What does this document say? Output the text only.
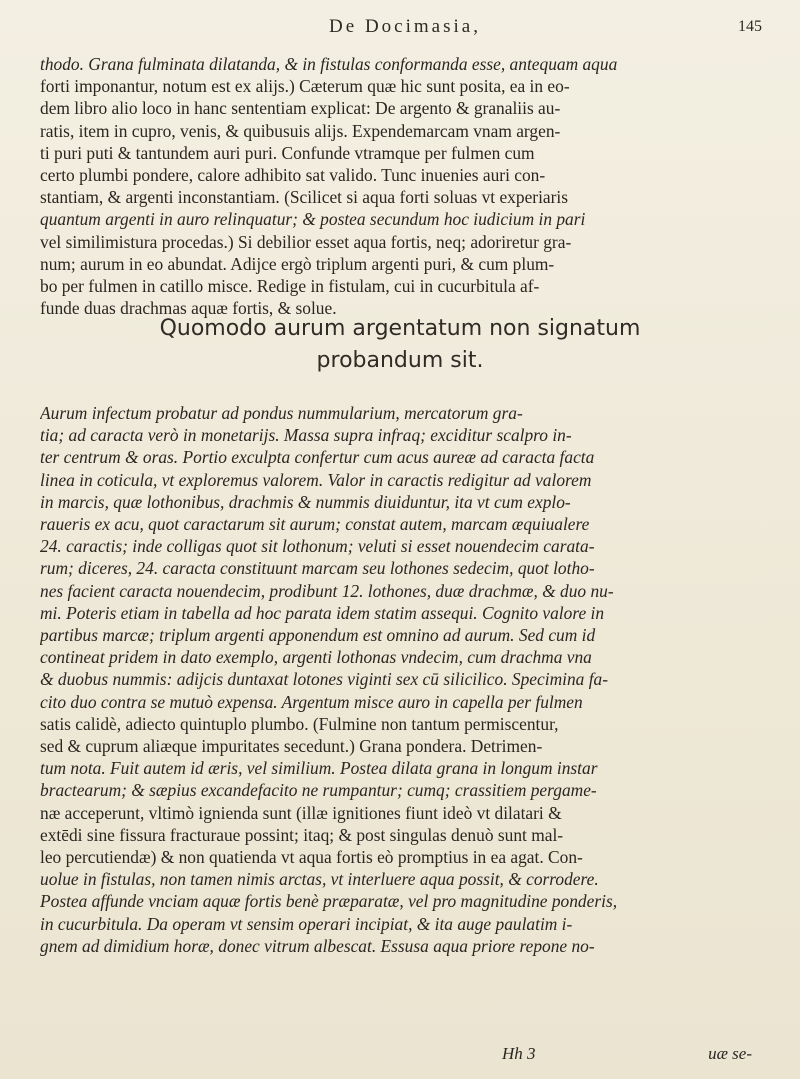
De Docimasia,	145
thodo. Grana fulminata dilatanda, & in fistulas conformanda esse, antequam aqua
forti imponantur, notum est ex alijs.) Cæterum quæ hic sunt posita, ea in eo-
dem libro alio loco in hanc sententiam explicat: De argento & granaliis au-
ratis, item in cupro, venis, & quibusuis alijs. Expendemarcam vnam argen-
ti puri puti & tantundem auri puri. Confunde vtramque per fulmen cum
certo plumbi pondere, calore adhibito sat valido. Tunc inuenies auri con-
stantiam, & argenti inconstantiam. (Scilicet si aqua forti soluas vt experiaris
quantum argenti in auro relinquatur; & postea secundum hoc iudicium in pari
vel similimistura procedas.) Si debilior esset aqua fortis, neq; adoriretur gra-
num; aurum in eo abundat. Adijce ergò triplum argenti puri, & cum plum-
bo per fulmen in catillo misce. Redige in fistulam, cui in cucurbitula af-
funde duas drachmas aquæ fortis, & solue.
Quomodo aurum argentatum non signatum
probandum sit.
Aurum infectum probatur ad pondus nummularium, mercatorum gra-
tia; ad caracta verò in monetarijs. Massa supra infraq; exciditur scalpro in-
ter centrum & oras. Portio exculpta confertur cum acus aureæ ad caracta facta
linea in coticula, vt exploremus valorem. Valor in caractis redigitur ad valorem
in marcis, quæ lothonibus, drachmis & nummis diuiduntur, ita vt cum explo-
raueris ex acu, quot caractarum sit aurum; constat autem, marcam æquiualere
24. caractis; inde colligas quot sit lothonum; veluti si esset nouendecim carata-
rum; diceres, 24. caracta constituunt marcam seu lothones sedecim, quot lotho-
nes facient caracta nouendecim, prodibunt 12. lothones, duæ drachmæ, & duo nu-
mi. Poteris etiam in tabella ad hoc parata idem statim assequi. Cognito valore in
partibus marcæ; triplum argenti apponendum est omnino ad aurum. Sed cum id
contineat pridem in dato exemplo, argenti lothonas vndecim, cum drachma vna
& duobus nummis: adijcis duntaxat lotones viginti sex cū silicilico. Specimina fa-
cito duo contra se mutuò expensa. Argentum misce auro in capella per fulmen
satis calidè, adiecto quintuplo plumbo. (Fulmine non tantum permiscentur,
sed & cuprum aliæque impuritates secedunt.) Grana pondera. Detrimen-
tum nota. Fuit autem id æris, vel similium. Postea dilata grana in longum instar
bractearum; & sæpius excandefacito ne rumpantur; cumq; crassitiem pergame-
næ acceperunt, vltimò ignienda sunt (illæ ignitiones fiunt ideò vt dilatari &
extēdi sine fissura fracturaue possint; itaq; & post singulas denuò sunt mal-
leo percutiendæ) & non quatienda vt aqua fortis eò promptius in ea agat. Con-
uolue in fistulas, non tamen nimis arctas, vt interluere aqua possit, & corrodere.
Postea affunde vnciam aquæ fortis benè præparatæ, vel pro magnitudine ponderis,
in cucurbitula. Da operam vt sensim operari incipiat, & ita auge paulatim i-
gnem ad dimidium horæ, donec vitrum albescat. Essusa aqua priore repone no-
Hh 3	uæ se-
